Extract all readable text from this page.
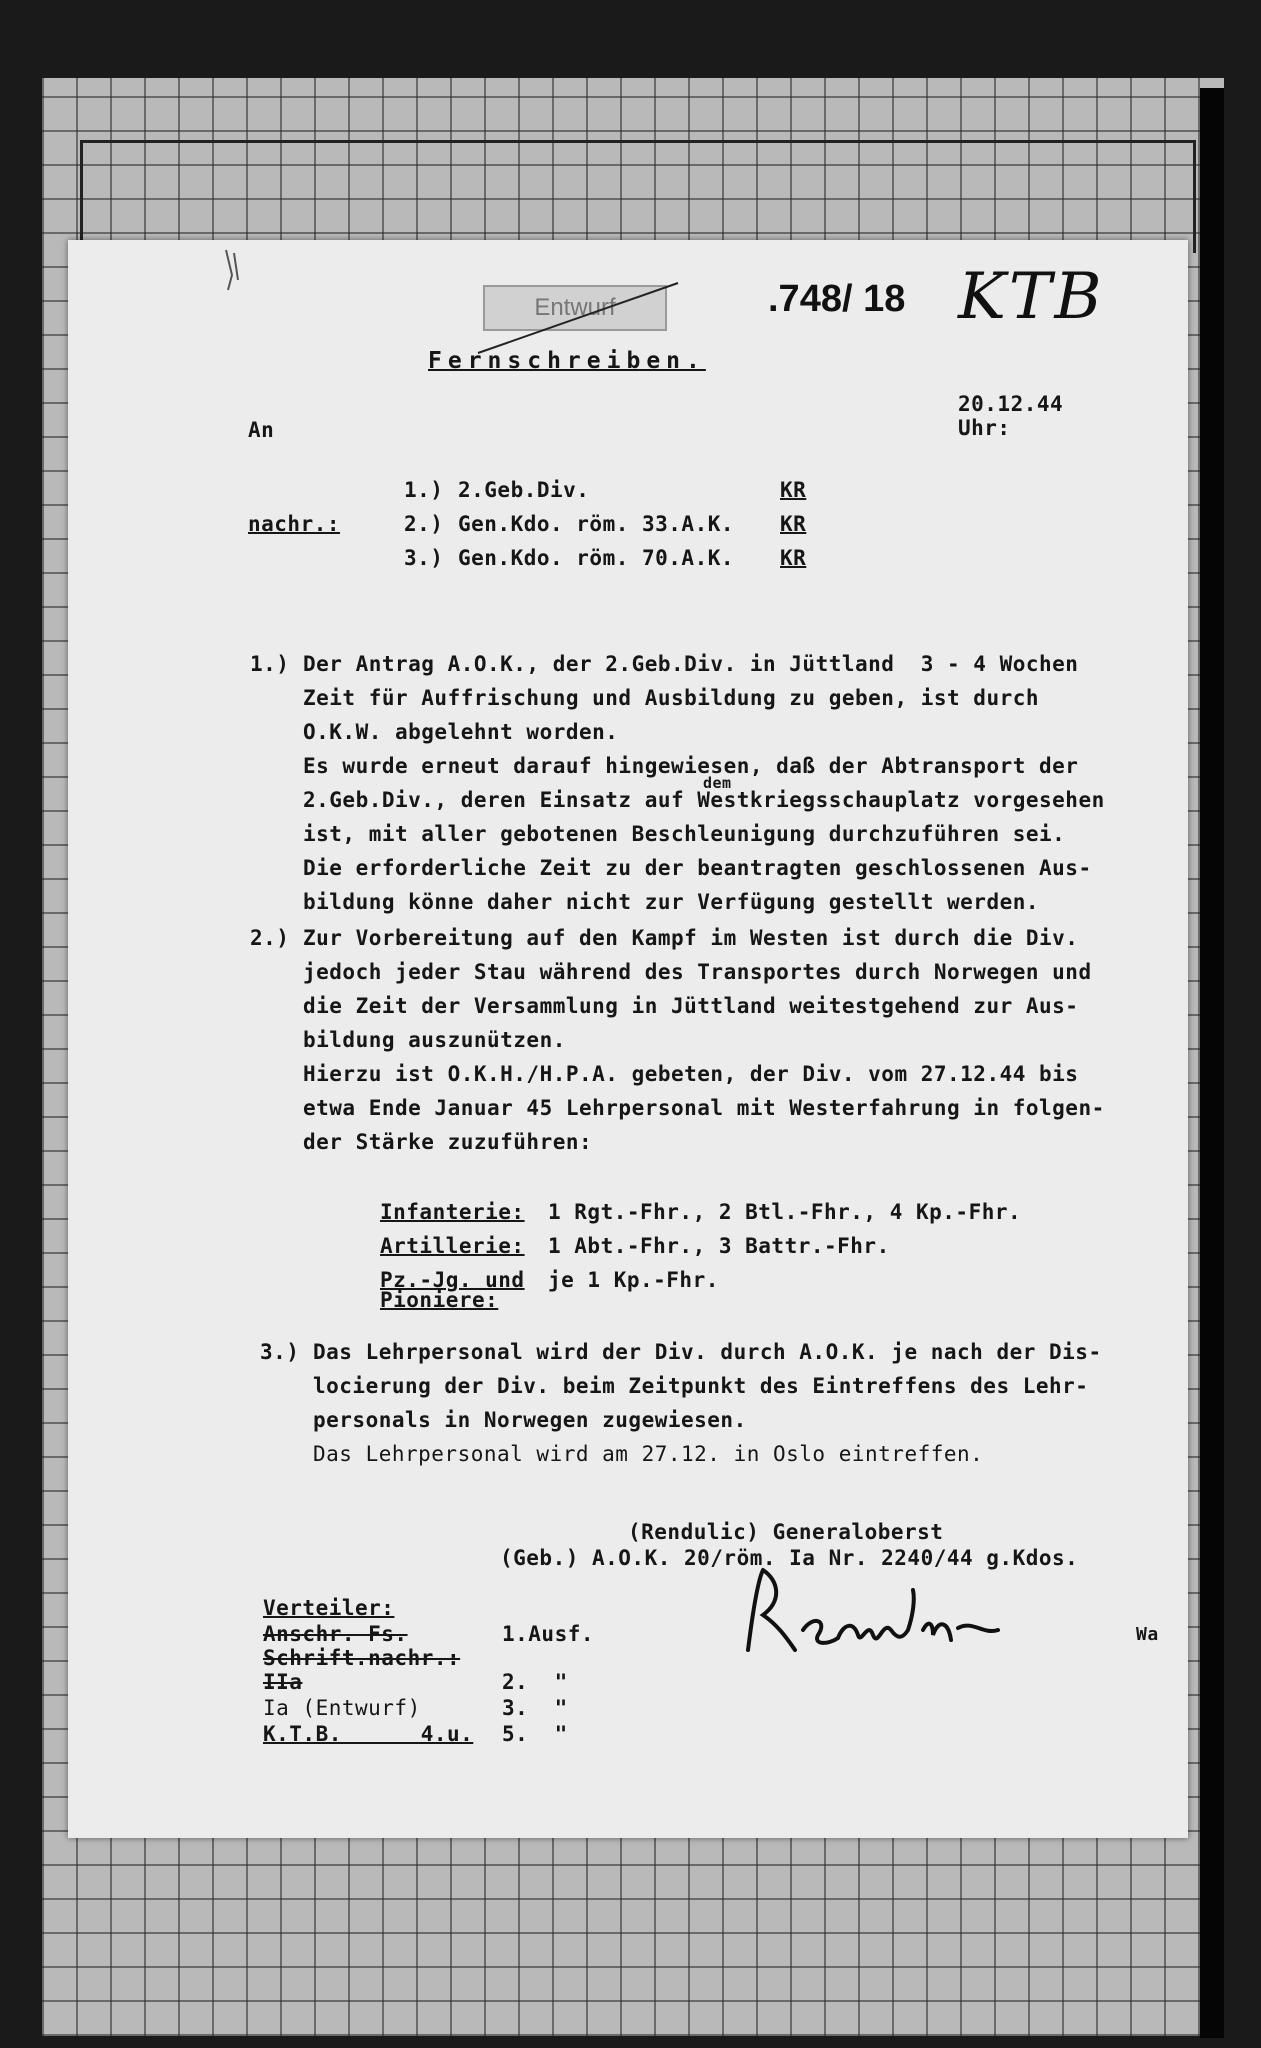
Entwurf	.748/ 18 KTB
Fernschreiben.
20.12.44
Uhr:
An
1.) 2.Geb.Div.	KR
nachr.:	2.) Gen.Kdo. röm. 33.A.K. KR
3.) Gen.Kdo. röm. 70.A.K. KR
1.) Der Antrag A.O.K., der 2.Geb.Div. in Jüttland  3 - 4 Wochen
Zeit für Auffrischung und Ausbildung zu geben, ist durch
O.K.W. abgelehnt worden.
Es wurde erneut darauf hingewiesen, daß der Abtransport der
dem
2.Geb.Div., deren Einsatz auf Westkriegsschauplatz vorgesehen
ist, mit aller gebotenen Beschleunigung durchzuführen sei.
Die erforderliche Zeit zu der beantragten geschlossenen Aus-
bildung könne daher nicht zur Verfügung gestellt werden.
2.) Zur Vorbereitung auf den Kampf im Westen ist durch die Div.
jedoch jeder Stau während des Transportes durch Norwegen und
die Zeit der Versammlung in Jüttland weitestgehend zur Aus-
bildung auszunützen.
Hierzu ist O.K.H./H.P.A. gebeten, der Div. vom 27.12.44 bis
etwa Ende Januar 45 Lehrpersonal mit Westerfahrung in folgen-
der Stärke zuzuführen:
Infanterie: 1 Rgt.-Fhr., 2 Btl.-Fhr., 4 Kp.-Fhr.
Artillerie: 1 Abt.-Fhr., 3 Battr.-Fhr.
Pz.-Jg. und je 1 Kp.-Fhr.
Pioniere:
3.) Das Lehrpersonal wird der Div. durch A.O.K. je nach der Dis-
locierung der Div. beim Zeitpunkt des Eintreffens des Lehr-
personals in Norwegen zugewiesen.
Das Lehrpersonal wird am 27.12. in Oslo eintreffen.
(Rendulic) Generaloberst
(Geb.) A.O.K. 20/röm. Ia Nr. 2240/44 g.Kdos.
Wa
Verteiler:
Anschr. Fs.	1.Ausf.
Schrift.nachr.:
IIa	2.  "
Ia (Entwurf)	3.  "
K.T.B.      4.u. 5.  "
